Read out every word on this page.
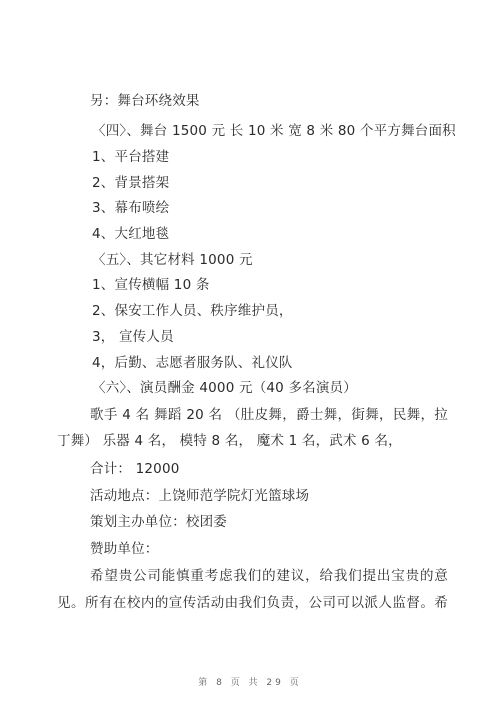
另：舞台环绕效果
〈四〉、舞台 1500 元 长 10 米 宽 8 米 80 个平方舞台面积
1、平台搭建
2、背景搭架
3、幕布喷绘
4、大红地毯
〈五〉、其它材料 1000 元
1、宣传横幅 10 条
2、保安工作人员、秩序维护员，
3， 宣传人员
4，后勤、志愿者服务队、礼仪队
〈六〉、演员酬金 4000 元（40 多名演员）
歌手 4 名 舞蹈 20 名 （肚皮舞，爵士舞，街舞，民舞，拉
丁舞） 乐器 4 名， 模特 8 名， 魔术 1 名，武术 6 名，
合计： 12000
活动地点：上饶师范学院灯光篮球场
策划主办单位：校团委
赞助单位：
希望贵公司能慎重考虑我们的建议，给我们提出宝贵的意
见。所有在校内的宣传活动由我们负责，公司可以派人监督。希
第 8 页 共 29 页
